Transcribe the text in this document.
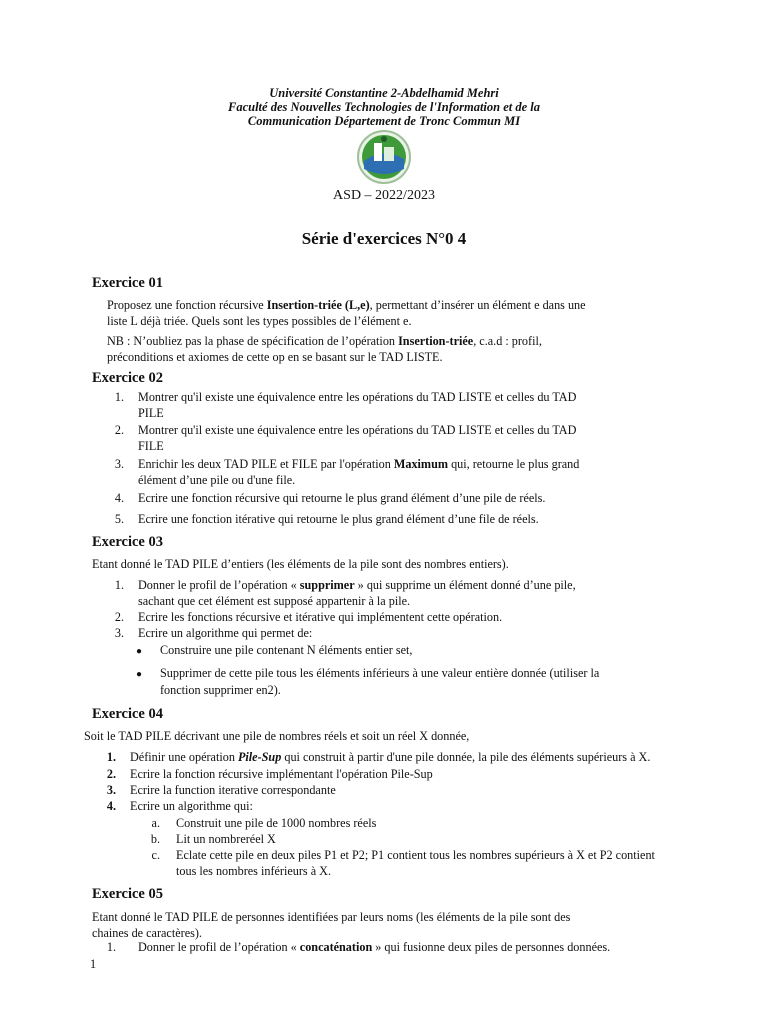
Université Constantine 2-Abdelhamid Mehri
Faculté des Nouvelles Technologies de l'Information et de la
Communication Département de Tronc Commun MI
ASD – 2022/2023
Série d'exercices N°0 4
Exercice 01
Proposez une fonction récursive Insertion-triée (L,e), permettant d’insérer un élément e dans une
liste L déjà triée. Quels sont les types possibles de l’élément e.
NB : N’oubliez pas la phase de spécification de l’opération Insertion-triée, c.a.d : profil,
préconditions et axiomes de cette op en se basant sur le TAD LISTE.
Exercice 02
1. Montrer qu'il existe une équivalence entre les opérations du TAD LISTE et celles du TAD
PILE
2. Montrer qu'il existe une équivalence entre les opérations du TAD LISTE et celles du TAD
FILE
3. Enrichir les deux TAD PILE et FILE par l'opération Maximum qui, retourne le plus grand
élément d’une pile ou d'une file.
4. Ecrire une fonction récursive qui retourne le plus grand élément d’une pile de réels.
5. Ecrire une fonction itérative qui retourne le plus grand élément d’une file de réels.
Exercice 03
Etant donné le TAD PILE d’entiers (les éléments de la pile sont des nombres entiers).
1. Donner le profil de l’opération « supprimer » qui supprime un élément donné d’une pile,
sachant que cet élément est supposé appartenir à la pile.
2. Ecrire les fonctions récursive et itérative qui implémentent cette opération.
3. Ecrire un algorithme qui permet de:
● Construire une pile contenant N éléments entier set,
● Supprimer de cette pile tous les éléments inférieurs à une valeur entière donnée (utiliser la
fonction supprimer en2).
Exercice 04
Soit le TAD PILE décrivant une pile de nombres réels et soit un réel X donnée,
1. Définir une opération Pile-Sup qui construit à partir d'une pile donnée, la pile des éléments supérieurs à X.
2. Ecrire la fonction récursive implémentant l'opération Pile-Sup
3. Ecrire la function iterative correspondante
4. Ecrire un algorithme qui:
a. Construit une pile de 1000 nombres réels
b. Lit un nombreréel X
c. Eclate cette pile en deux piles P1 et P2; P1 contient tous les nombres supérieurs à X et P2 contient
tous les nombres inférieurs à X.
Exercice 05
Etant donné le TAD PILE de personnes identifiées par leurs noms (les éléments de la pile sont des
chaines de caractères).
1. Donner le profil de l’opération « concaténation » qui fusionne deux piles de personnes données.
1
